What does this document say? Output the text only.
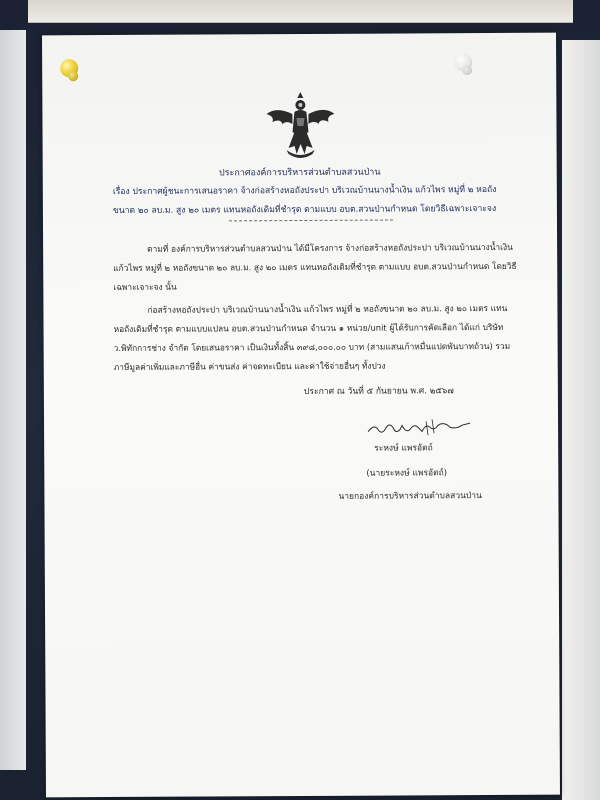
ประกาศองค์การบริหารส่วนตำบลสวนป่าน
เรื่อง ประกาศผู้ชนะการเสนอราคา จ้างก่อสร้างหอถังประปา บริเวณบ้านนางน้ำเงิน แก้วไพร หมู่ที่ ๒ หอถัง
ขนาด ๒๐ ลบ.ม. สูง ๒๐ เมตร แทนหอถังเดิมที่ชำรุด ตามแบบ อบต.สวนป่านกำหนด โดยวิธีเฉพาะเจาะจง
ตามที่ องค์การบริหารส่วนตำบลสวนป่าน ได้มีโครงการ จ้างก่อสร้างหอถังประปา บริเวณบ้านนางน้ำเงิน
แก้วไพร หมู่ที่ ๒ หอถังขนาด ๒๐ ลบ.ม. สูง ๒๐ เมตร แทนหอถังเดิมที่ชำรุด ตามแบบ อบต.สวนป่านกำหนด โดยวิธี
เฉพาะเจาะจง นั้น
ก่อสร้างหอถังประปา บริเวณบ้านนางน้ำเงิน แก้วไพร หมู่ที่ ๒ หอถังขนาด ๒๐ ลบ.ม. สูง ๒๐ เมตร แทน
หอถังเดิมที่ชำรุด ตามแบบแปลน อบต.สวนป่านกำหนด จำนวน ๑ หน่วย/unit ผู้ได้รับการคัดเลือก ได้แก่ บริษัท
ว.พิทักการช่าง จำกัด โดยเสนอราคา เป็นเงินทั้งสิ้น ๓๙๘,๐๐๐.๐๐ บาท (สามแสนเก้าหมื่นแปดพันบาทถ้วน) รวม
ภาษีมูลค่าเพิ่มและภาษีอื่น ค่าขนส่ง ค่าจดทะเบียน และค่าใช้จ่ายอื่นๆ ทั้งปวง
ประกาศ ณ วันที่ ๕ กันยายน พ.ศ. ๒๕๖๗
ระหงษ์ แพรอัตถ์
(นายระหงษ์ แพรอัตถ์)
นายกองค์การบริหารส่วนตำบลสวนป่าน
